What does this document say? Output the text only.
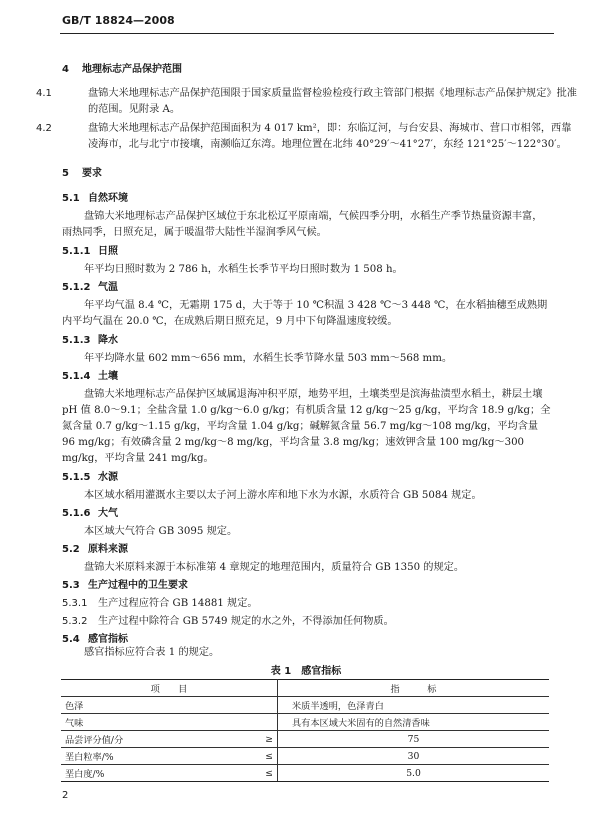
GB/T 18824—2008
4 地理标志产品保护范围
4.1	盘锦大米地理标志产品保护范围限于国家质量监督检验检疫行政主管部门根据《地理标志产品保护规定》批准的范围。见附录 A。
4.2	盘锦大米地理标志产品保护范围面积为 4 017 km²，即：东临辽河，与台安县、海城市、营口市相邻，西靠凌海市，北与北宁市接壤，南濒临辽东湾。地理位置在北纬 40°29′～41°27′，东经 121°25′～122°30′。
5 要求
5.1 自然环境
盘锦大米地理标志产品保护区域位于东北松辽平原南端，气候四季分明，水稻生产季节热量资源丰富，雨热同季，日照充足，属于暖温带大陆性半湿润季风气候。
5.1.1 日照
年平均日照时数为 2 786 h，水稻生长季节平均日照时数为 1 508 h。
5.1.2 气温
年平均气温 8.4 ℃，无霜期 175 d，大于等于 10 ℃积温 3 428 ℃～3 448 ℃，在水稻抽穗至成熟期内平均气温在 20.0 ℃，在成熟后期日照充足，9 月中下旬降温速度较缓。
5.1.3 降水
年平均降水量 602 mm～656 mm，水稻生长季节降水量 503 mm～568 mm。
5.1.4 土壤
盘锦大米地理标志产品保护区域属退海冲积平原，地势平坦，土壤类型是滨海盐渍型水稻土，耕层土壤 pH 值 8.0～9.1；全盐含量 1.0 g/kg～6.0 g/kg；有机质含量 12 g/kg～25 g/kg，平均含 18.9 g/kg；全氮含量 0.7 g/kg～1.15 g/kg，平均含量 1.04 g/kg；碱解氮含量 56.7 mg/kg～108 mg/kg，平均含量 96 mg/kg；有效磷含量 2 mg/kg～8 mg/kg，平均含量 3.8 mg/kg；速效钾含量 100 mg/kg～300 mg/kg，平均含量 241 mg/kg。
5.1.5 水源
本区域水稻用灌溉水主要以太子河上游水库和地下水为水源，水质符合 GB 5084 规定。
5.1.6 大气
本区域大气符合 GB 3095 规定。
5.2 原料来源
盘锦大米原料来源于本标准第 4 章规定的地理范围内，质量符合 GB 1350 的规定。
5.3 生产过程中的卫生要求
5.3.1 生产过程应符合 GB 14881 规定。
5.3.2 生产过程中除符合 GB 5749 规定的水之外，不得添加任何物质。
5.4 感官指标
感官指标应符合表 1 的规定。
表 1　感官指标
项　　目		指　　　标
色泽		米质半透明，色泽青白
气味		具有本区域大米固有的自然清香味
品尝评分值/分	≥	75
垩白粒率/%	≤	30
垩白度/%	≤	5.0
2
